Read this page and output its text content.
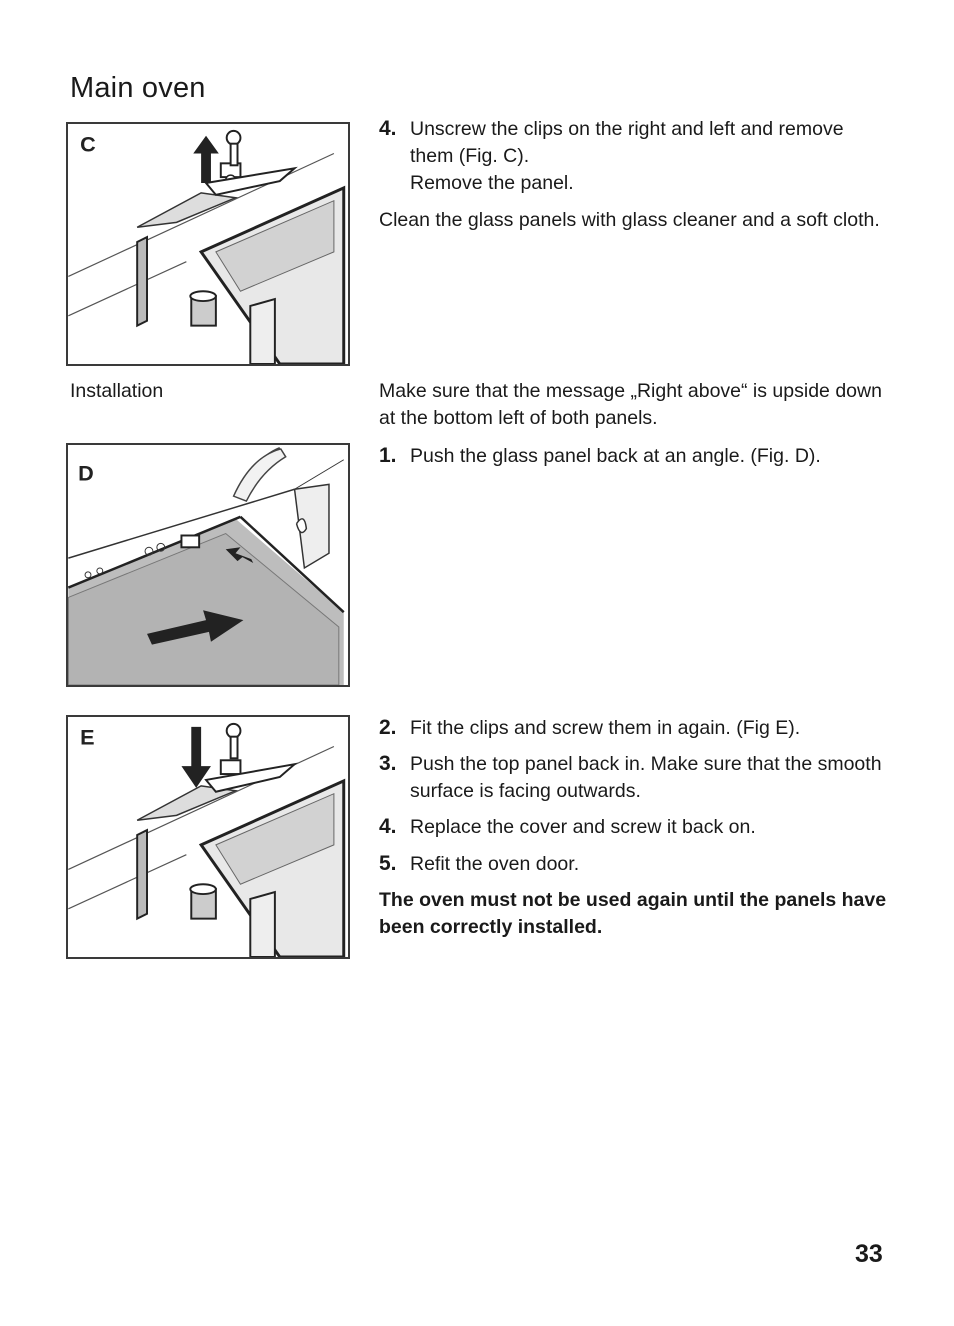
Main oven
C
4. Unscrew the clips on the right and left and remove them (Fig. C).
Remove the panel.
Clean the glass panels with glass cleaner and a soft cloth.
Installation	Make sure that the message „Right above“ is upside down at the bottom left of both panels.
D
1. Push the glass panel back at an angle. (Fig. D).
E	2. Fit the clips and screw them in again. (Fig E).
3. Push the top panel back in. Make sure that the smooth surface is facing outwards.
4. Replace the cover and screw it back on.
5. Refit the oven door.
The oven must not be used again until the panels have been correctly installed.
33
